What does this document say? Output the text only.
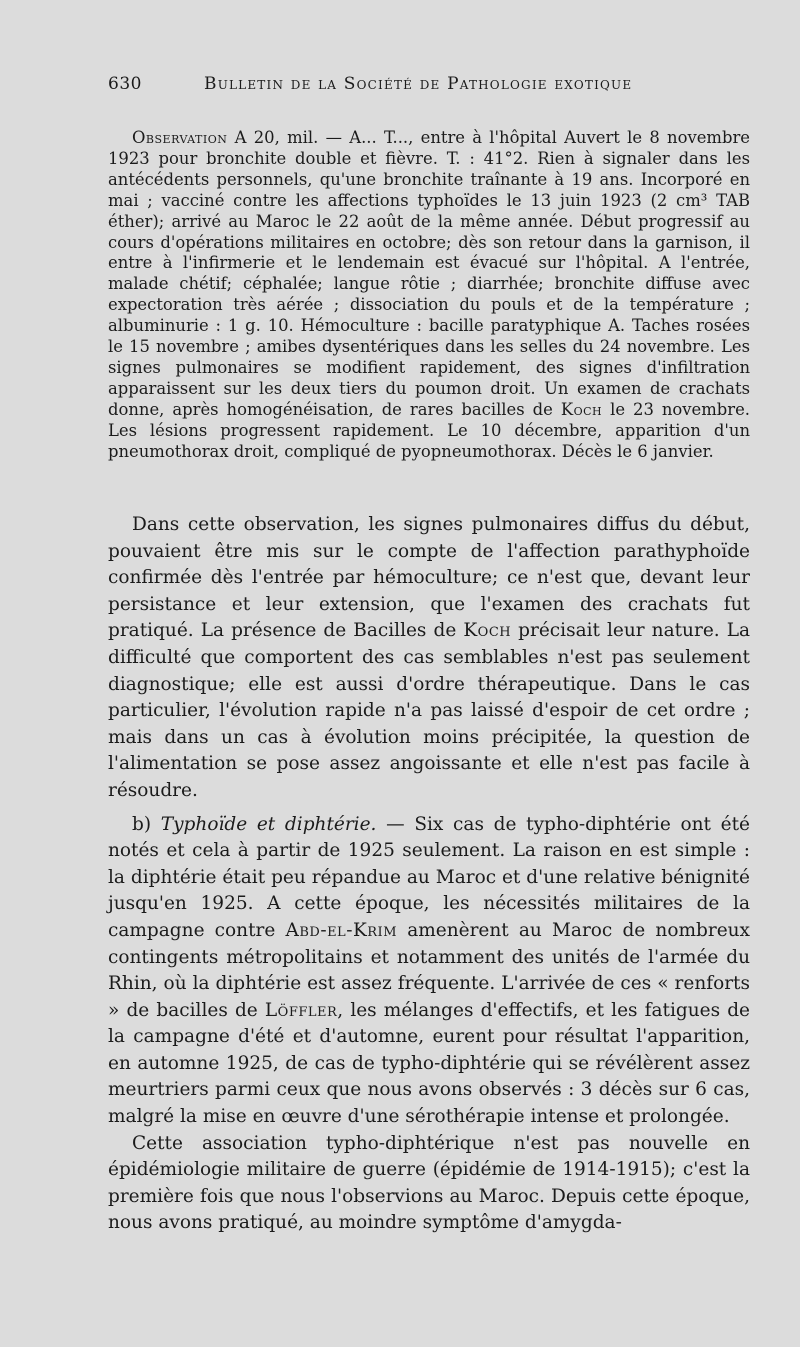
630	Bulletin de la Société de Pathologie exotique

Observation A 20, mil. — A... T..., entre à l'hôpital Auvert le 8 novembre 1923 pour bronchite double et fièvre. T. : 41°2. Rien à signaler dans les antécédents personnels, qu'une bronchite traînante à 19 ans. Incorporé en mai ; vacciné contre les affections typhoïdes le 13 juin 1923 (2 cm³ TAB éther); arrivé au Maroc le 22 août de la même année. Début progressif au cours d'opérations militaires en octobre; dès son retour dans la garnison, il entre à l'infirmerie et le lendemain est évacué sur l'hôpital. A l'entrée, malade chétif; céphalée; langue rôtie ; diarrhée; bronchite diffuse avec expectoration très aérée ; dissociation du pouls et de la température ; albuminurie : 1 g. 10. Hémoculture : bacille paratyphique A. Taches rosées le 15 novembre ; amibes dysentériques dans les selles du 24 novembre. Les signes pulmonaires se modifient rapidement, des signes d'infiltration apparaissent sur les deux tiers du poumon droit. Un examen de crachats donne, après homogénéisation, de rares bacilles de Koch le 23 novembre. Les lésions progressent rapidement. Le 10 décembre, apparition d'un pneumothorax droit, compliqué de pyopneumothorax. Décès le 6 janvier.

Dans cette observation, les signes pulmonaires diffus du début, pouvaient être mis sur le compte de l'affection parathyphoïde confirmée dès l'entrée par hémoculture; ce n'est que, devant leur persistance et leur extension, que l'examen des crachats fut pratiqué. La présence de Bacilles de Koch précisait leur nature. La difficulté que comportent des cas semblables n'est pas seulement diagnostique; elle est aussi d'ordre thérapeutique. Dans le cas particulier, l'évolution rapide n'a pas laissé d'espoir de cet ordre ; mais dans un cas à évolution moins précipitée, la question de l'alimentation se pose assez angoissante et elle n'est pas facile à résoudre.

b) Typhoïde et diphtérie. — Six cas de typho-diphtérie ont été notés et cela à partir de 1925 seulement. La raison en est simple : la diphtérie était peu répandue au Maroc et d'une relative bénignité jusqu'en 1925. A cette époque, les nécessités militaires de la campagne contre Abd-el-Krim amenèrent au Maroc de nombreux contingents métropolitains et notamment des unités de l'armée du Rhin, où la diphtérie est assez fréquente. L'arrivée de ces « renforts » de bacilles de Löffler, les mélanges d'effectifs, et les fatigues de la campagne d'été et d'automne, eurent pour résultat l'apparition, en automne 1925, de cas de typho-diphtérie qui se révélèrent assez meurtriers parmi ceux que nous avons observés : 3 décès sur 6 cas, malgré la mise en œuvre d'une sérothérapie intense et prolongée.

Cette association typho-diphtérique n'est pas nouvelle en épidémiologie militaire de guerre (épidémie de 1914-1915); c'est la première fois que nous l'observions au Maroc. Depuis cette époque, nous avons pratiqué, au moindre symptôme d'amygda-
